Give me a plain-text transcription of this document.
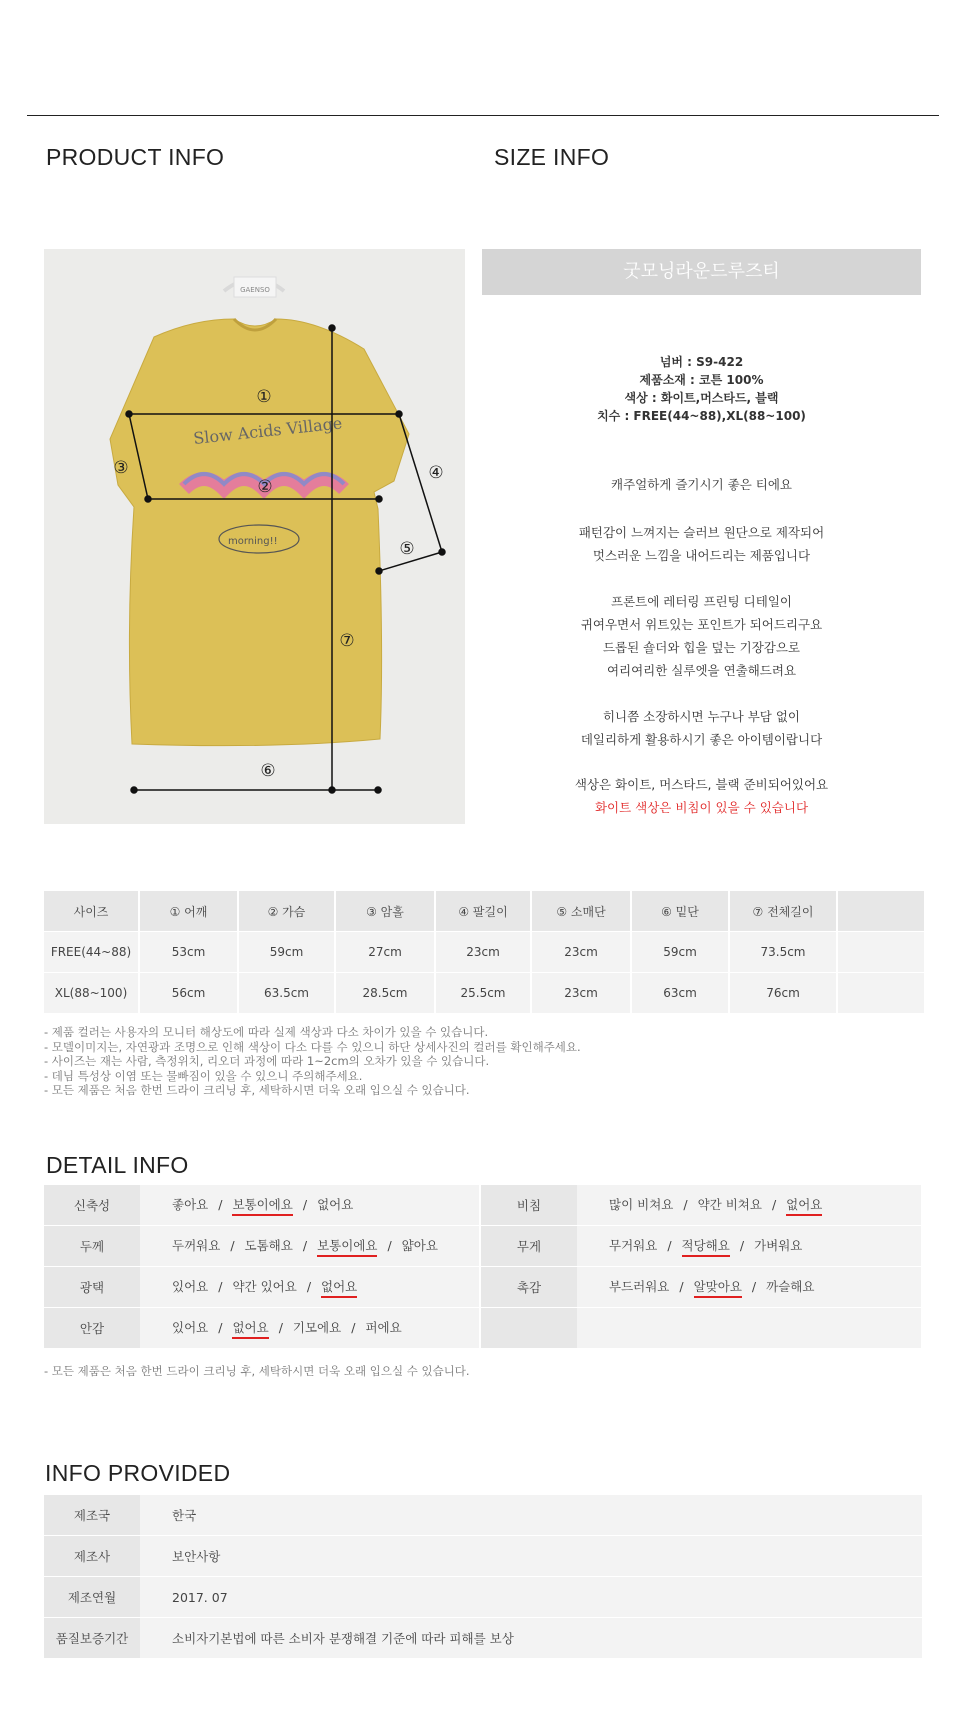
PRODUCT INFO	SIZE INFO
GAENSO
Slow Acids Village
morning!!
①
②
③	④
⑤
⑥
⑦
굿모닝라운드루즈티
넘버 : S9-422
제품소재 : 코튼 100%
색상 : 화이트,머스타드, 블랙
치수 : FREE(44~88),XL(88~100)
캐주얼하게 즐기시기 좋은 티에요
패턴감이 느껴지는 슬러브 원단으로 제작되어
멋스러운 느낌을 내어드리는 제품입니다
프론트에 레터링 프린팅 디테일이
귀여우면서 위트있는 포인트가 되어드리구요
드롭된 숄더와 힙을 덮는 기장감으로
여리여리한 실루엣을 연출해드려요
히니쯤 소장하시면 누구나 부담 없이
데일리하게 활용하시기 좋은 아이템이랍니다
색상은 화이트, 머스타드, 블랙 준비되어있어요
화이트 색상은 비침이 있을 수 있습니다
사이즈	① 어깨	② 가슴	③ 암홀	④ 팔길이	⑤ 소매단	⑥ 밑단	⑦ 전체길이	
FREE(44~88)	53cm	59cm	27cm	23cm	23cm	59cm	73.5cm	
XL(88~100)	56cm	63.5cm	28.5cm	25.5cm	23cm	63cm	76cm	
- 제품 컬러는 사용자의 모니터 해상도에 따라 실제 색상과 다소 차이가 있을 수 있습니다.
- 모델이미지는, 자연광과 조명으로 인해 색상이 다소 다를 수 있으니 하단 상세사진의 컬러를 확인해주세요.
- 사이즈는 재는 사람, 측정위치, 리오더 과정에 따라 1~2cm의 오차가 있을 수 있습니다.
- 데님 특성상 이염 또는 물빠짐이 있을 수 있으니 주의해주세요.
- 모든 제품은 처음 한번 드라이 크리닝 후, 세탁하시면 더욱 오래 입으실 수 있습니다.
DETAIL INFO
신축성	좋아요 / 보통이에요 / 없어요	비침	많이 비쳐요 / 약간 비쳐요 / 없어요
두께	두꺼워요 / 도톰해요 / 보통이에요 / 얇아요	무게	무거워요 / 적당해요 / 가벼워요
광택	있어요 / 약간 있어요 / 없어요	촉감	부드러워요 / 알맞아요 / 까슬해요
안감	있어요 / 없어요 / 기모에요 / 퍼에요		
- 모든 제품은 처음 한번 드라이 크리닝 후, 세탁하시면 더욱 오래 입으실 수 있습니다.
INFO PROVIDED
제조국	한국
제조사	보안사항
제조연월	2017. 07
품질보증기간	소비자기본법에 따른 소비자 분쟁해결 기준에 따라 피해를 보상
